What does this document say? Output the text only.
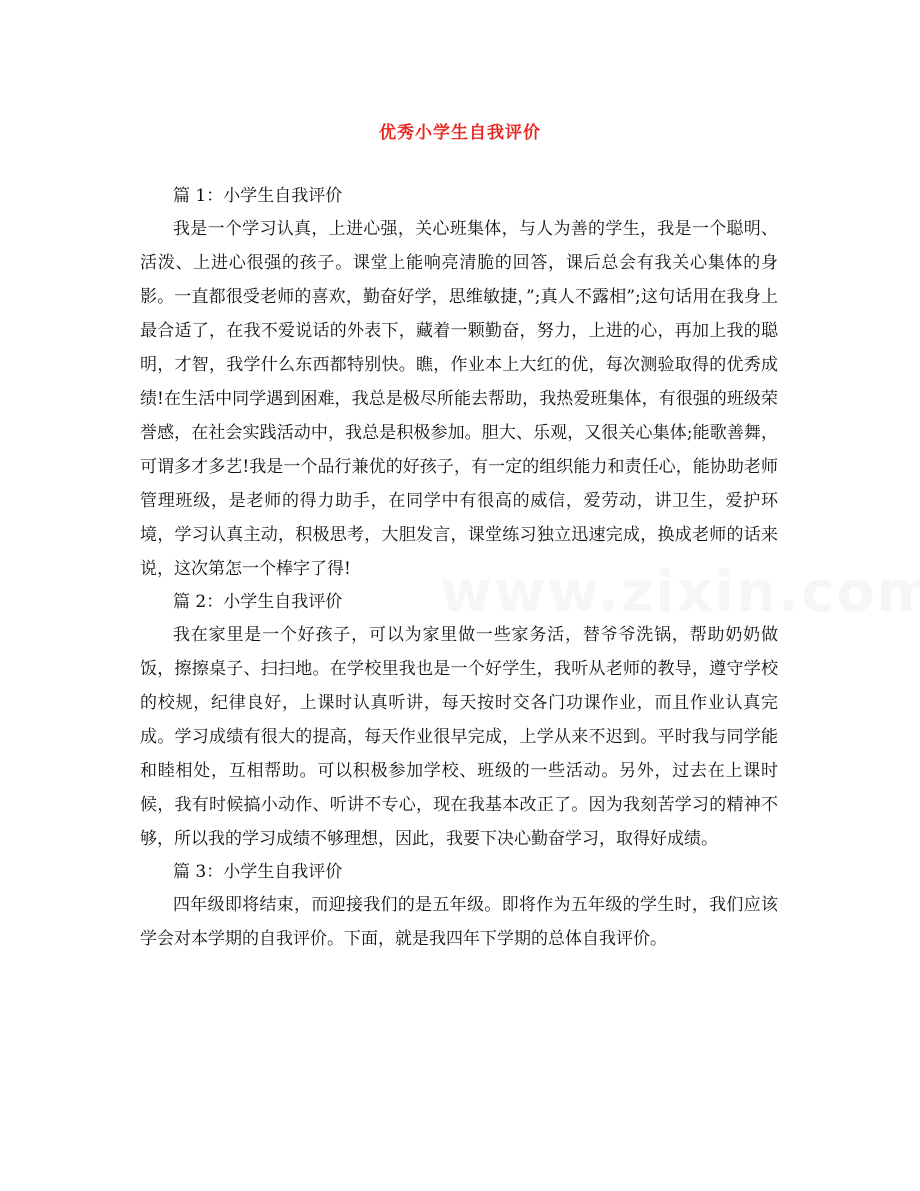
优秀小学生自我评价
篇 1：小学生自我评价
我是一个学习认真，上进心强，关心班集体，与人为善的学生，我是一个聪明、活泼、上进心很强的孩子。课堂上能响亮清脆的回答，课后总会有我关心集体的身影。一直都很受老师的喜欢，勤奋好学，思维敏捷，”;真人不露相”;这句话用在我身上最合适了，在我不爱说话的外表下，藏着一颗勤奋，努力，上进的心，再加上我的聪明，才智，我学什么东西都特别快。瞧，作业本上大红的优，每次测验取得的优秀成绩!在生活中同学遇到困难，我总是极尽所能去帮助，我热爱班集体，有很强的班级荣誉感，在社会实践活动中，我总是积极参加。胆大、乐观，又很关心集体;能歌善舞，可谓多才多艺!我是一个品行兼优的好孩子，有一定的组织能力和责任心，能协助老师管理班级，是老师的得力助手，在同学中有很高的威信，爱劳动，讲卫生，爱护环境，学习认真主动，积极思考，大胆发言，课堂练习独立迅速完成，换成老师的话来说，这次第怎一个棒字了得!
篇 2：小学生自我评价
我在家里是一个好孩子，可以为家里做一些家务活，替爷爷洗锅，帮助奶奶做饭，擦擦桌子、扫扫地。在学校里我也是一个好学生，我听从老师的教导，遵守学校的校规，纪律良好，上课时认真听讲，每天按时交各门功课作业，而且作业认真完成。学习成绩有很大的提高，每天作业很早完成，上学从来不迟到。平时我与同学能和睦相处，互相帮助。可以积极参加学校、班级的一些活动。另外，过去在上课时候，我有时候搞小动作、听讲不专心，现在我基本改正了。因为我刻苦学习的精神不够，所以我的学习成绩不够理想，因此，我要下决心勤奋学习，取得好成绩。
篇 3：小学生自我评价
四年级即将结束，而迎接我们的是五年级。即将作为五年级的学生时，我们应该学会对本学期的自我评价。下面，就是我四年下学期的总体自我评价。
